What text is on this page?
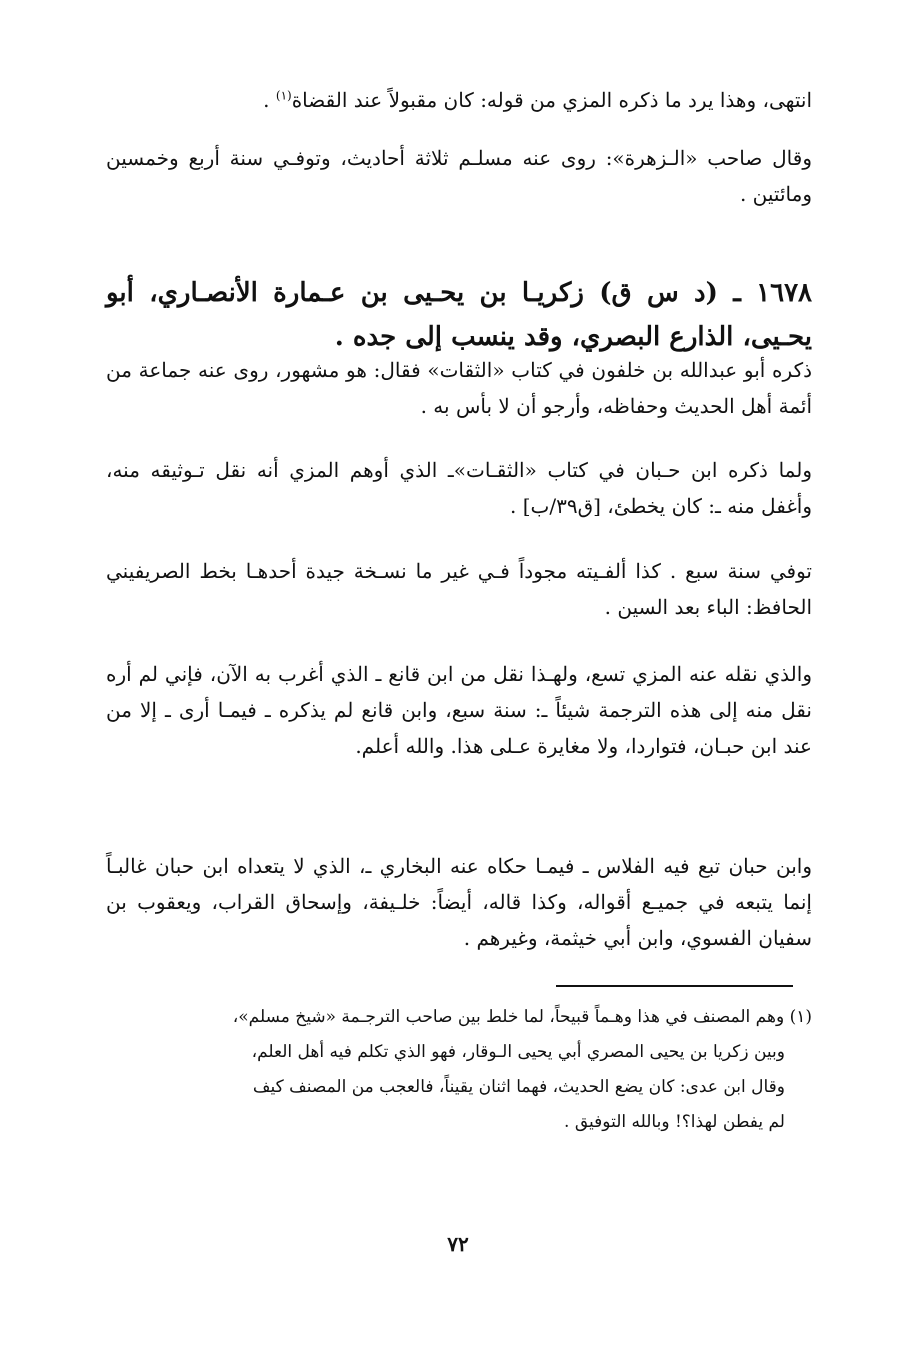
انتهى، وهذا يرد ما ذكره المزي من قوله: كان مقبولاً عند القضاة$^{(١)}$ .

وقال صاحب «الـزهرة»: روى عنه مسلـم ثلاثة أحاديث، وتوفـي سنة أربع وخمسين ومائتين .

١٦٧٨ ـ (د س ق) زكريـا بن يحـيى بن عـمارة الأنصـاري، أبو يحـيى، الذارع البصري، وقد ينسب إلى جده .

ذكره أبو عبدالله بن خلفون في كتاب «الثقات» فقال: هو مشهور، روى عنه جماعة من أئمة أهل الحديث وحفاظه، وأرجو أن لا بأس به .

ولما ذكره ابن حـبان في كتاب «الثقـات»ـ الذي أوهم المزي أنه نقل تـوثيقه منه، وأغفل منه ـ: كان يخطئ، [ق٣٩/ب] .

توفي سنة سبع . كذا ألفـيته مجوداً فـي غير ما نسـخة جيدة أحدهـا بخط الصريفيني الحافظ: الباء بعد السين .

والذي نقله عنه المزي تسع، ولهـذا نقل من ابن قانع ـ الذي أغرب به الآن، فإني لم أره نقل منه إلى هذه الترجمة شيئاً ـ: سنة سبع، وابن قانع لم يذكره ـ فيمـا أرى ـ إلا من عند ابن حبـان، فتواردا، ولا مغايرة عـلى هذا. والله أعلم.

وابن حبان تبع فيه الفلاس ـ فيمـا حكاه عنه البخاري ـ، الذي لا يتعداه ابن حبان غالبـاً إنما يتبعه في جميـع أقواله، وكذا قاله، أيضاً: خلـيفة، وإسحاق القراب، ويعقوب بن سفيان الفسوي، وابن أبي خيثمة، وغيرهم .

(١) وهم المصنف في هذا وهـماً قبيحاً، لما خلط بين صاحب الترجـمة «شيخ مسلم»،
وبين زكريا بن يحيى المصري أبي يحيى الـوقار، فهو الذي تكلم فيه أهل العلم،
وقال ابن عدى: كان يضع الحديث، فهما اثنان يقيناً، فالعجب من المصنف كيف
لم يفطن لهذا؟! وبالله التوفيق .
٧٢
